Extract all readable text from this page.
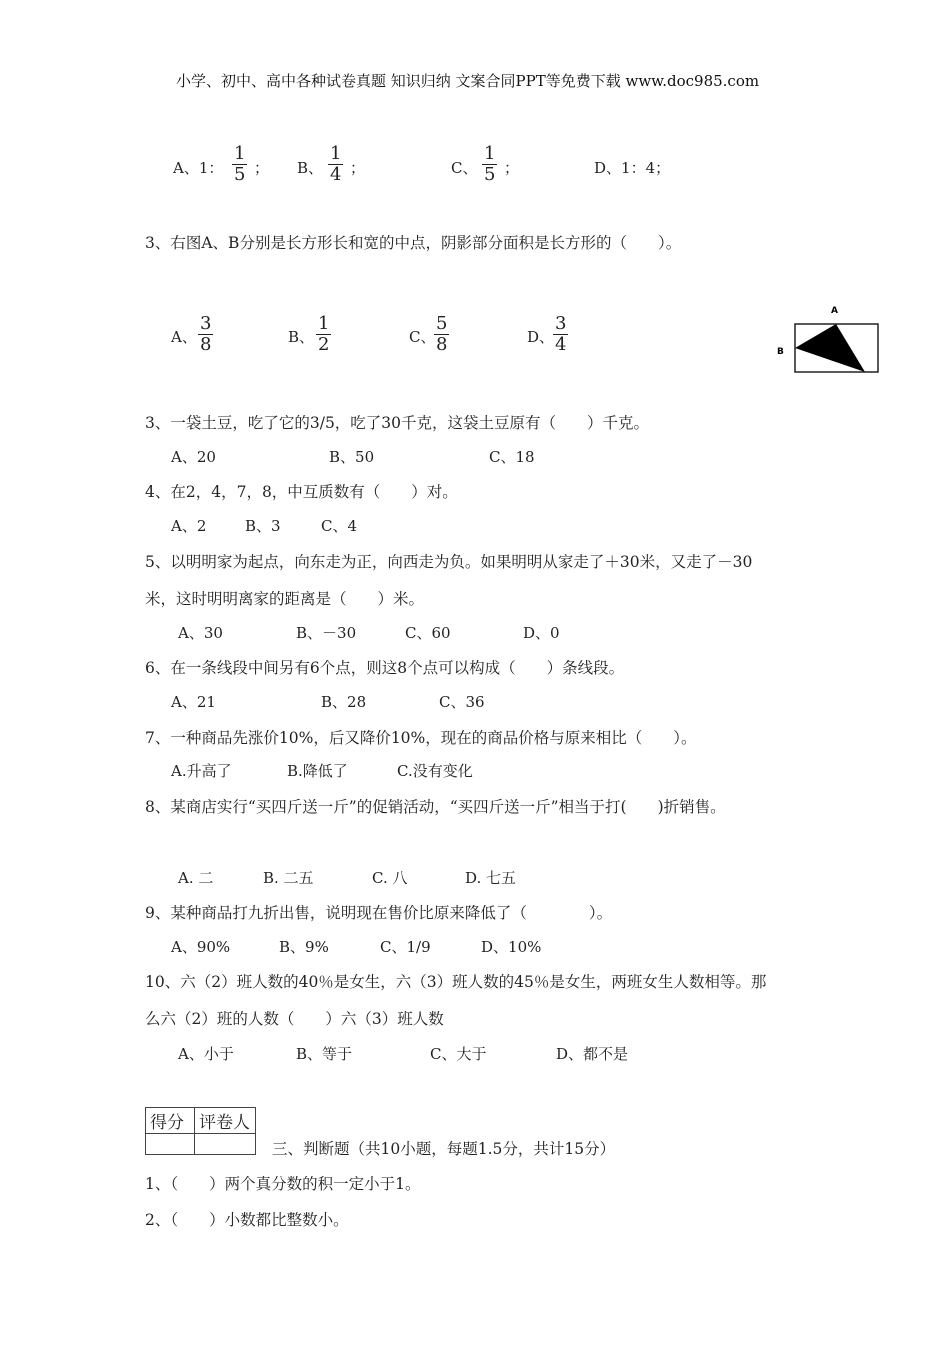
小学、初中、高中各种试卷真题 知识归纳 文案合同PPT等免费下载 www.doc985.com
A、1： $\frac{1}{5}$ ； B、 $\frac{1}{4}$ ；	C、 $\frac{1}{5}$ ；	D、1：4；
3、右图A、B分别是长方形长和宽的中点，阴影部分面积是长方形的（　　）。
A、 $\frac{3}{8}$	B、 $\frac{1}{2}$	C、
$\frac{5}{8}$	D、
$\frac{3}{4}$
A
B
3、一袋土豆，吃了它的3/5，吃了30千克，这袋土豆原有（　　）千克。
A、20	B、50	C、18
4、在2，4，7，8，中互质数有（　　）对。
A、2	B、3	C、4
5、以明明家为起点，向东走为正，向西走为负。如果明明从家走了＋30米，又走了－30
米，这时明明离家的距离是（　　）米。
A、30	B、－30	C、60	D、0
6、在一条线段中间另有6个点，则这8个点可以构成（　　）条线段。
A、21	B、28	C、36
7、一种商品先涨价10%，后又降价10%，现在的商品价格与原来相比（　　）。
A.升高了	B.降低了	C.没有变化
8、某商店实行“买四斤送一斤”的促销活动，“买四斤送一斤”相当于打(　　)折销售。
A. 二	B. 二五	C. 八	D. 七五
9、某种商品打九折出售，说明现在售价比原来降低了（　　　　）。
A、90%	B、9%	C、1/9	D、10%
10、六（2）班人数的40％是女生，六（3）班人数的45％是女生，两班女生人数相等。那
么六（2）班的人数（　　）六（3）班人数
A、小于	B、等于	C、大于	D、都不是
得分	评卷人

三、判断题（共10小题，每题1.5分，共计15分）
1、（　　）两个真分数的积一定小于1。
2、（　　）小数都比整数小。
